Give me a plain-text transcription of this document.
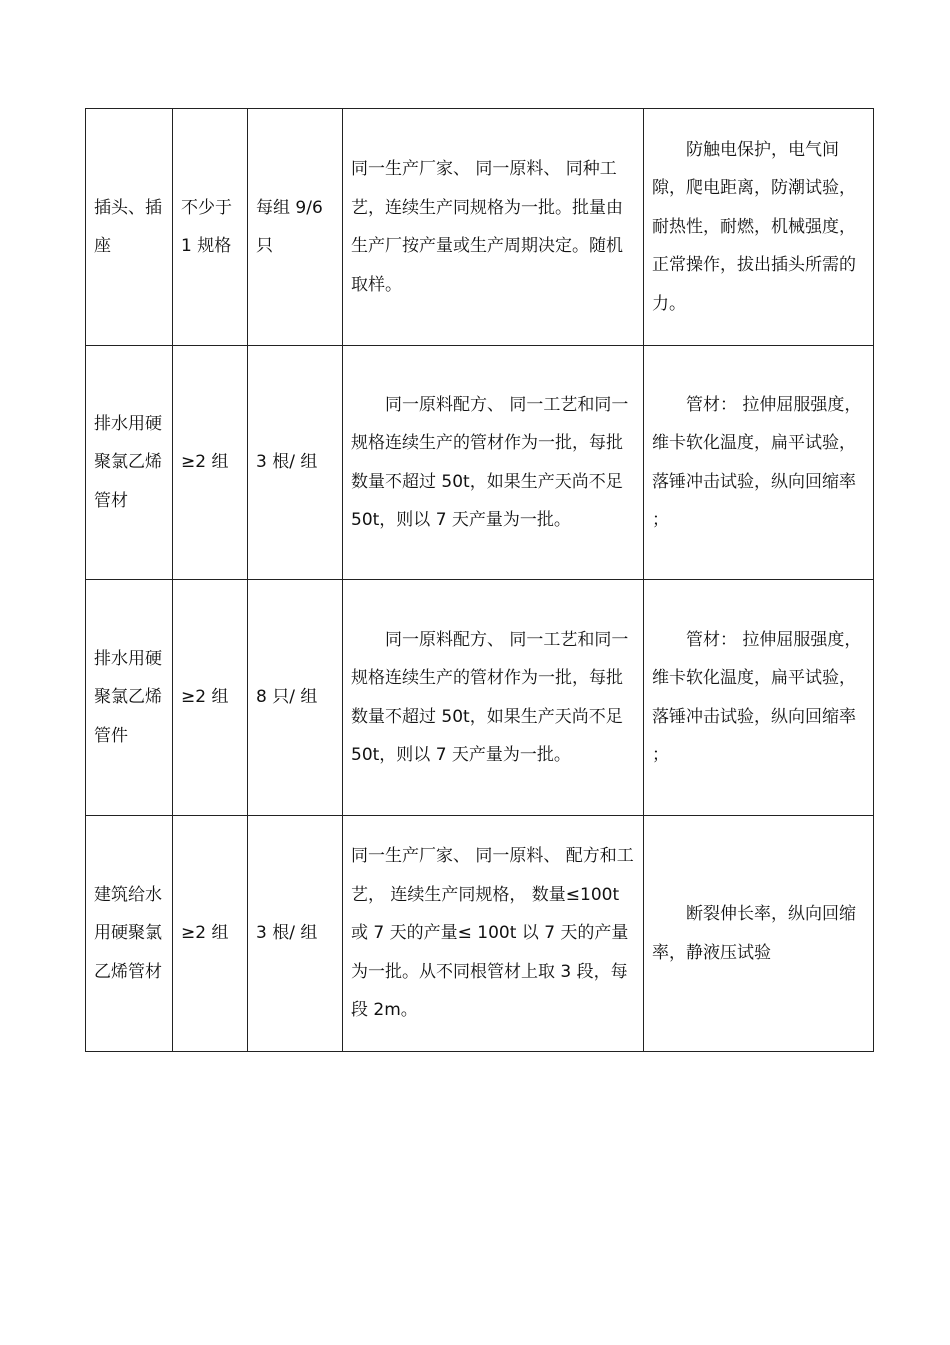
插头、插座	不少于 1 规格	每组 9/6 只	同一生产厂家、 同一原料、 同种工艺，连续生产同规格为一批。批量由生产厂按产量或生产周期决定。随机取样。	防触电保护，电气间隙，爬电距离，防潮试验，耐热性，耐燃，机械强度，正常操作，拔出插头所需的力。

排水用硬聚氯乙烯管材	≥2 组	3 根/ 组	同一原料配方、 同一工艺和同一规格连续生产的管材作为一批，每批数量不超过 50t，如果生产天尚不足 50t，则以 7 天产量为一批。	管材： 拉伸屈服强度，维卡软化温度，扁平试验，落锤冲击试验，纵向回缩率 ；

排水用硬聚氯乙烯管件	≥2 组	8 只/ 组	同一原料配方、 同一工艺和同一规格连续生产的管材作为一批，每批数量不超过 50t，如果生产天尚不足 50t，则以 7 天产量为一批。	管材： 拉伸屈服强度，维卡软化温度，扁平试验，落锤冲击试验，纵向回缩率 ；

建筑给水用硬聚氯乙烯管材	≥2 组	3 根/ 组	同一生产厂家、 同一原料、 配方和工艺， 连续生产同规格， 数量≤100t 或 7 天的产量≤ 100t 以 7 天的产量为一批。从不同根管材上取 3 段，每段 2m。	断裂伸长率，纵向回缩率，静液压试验
